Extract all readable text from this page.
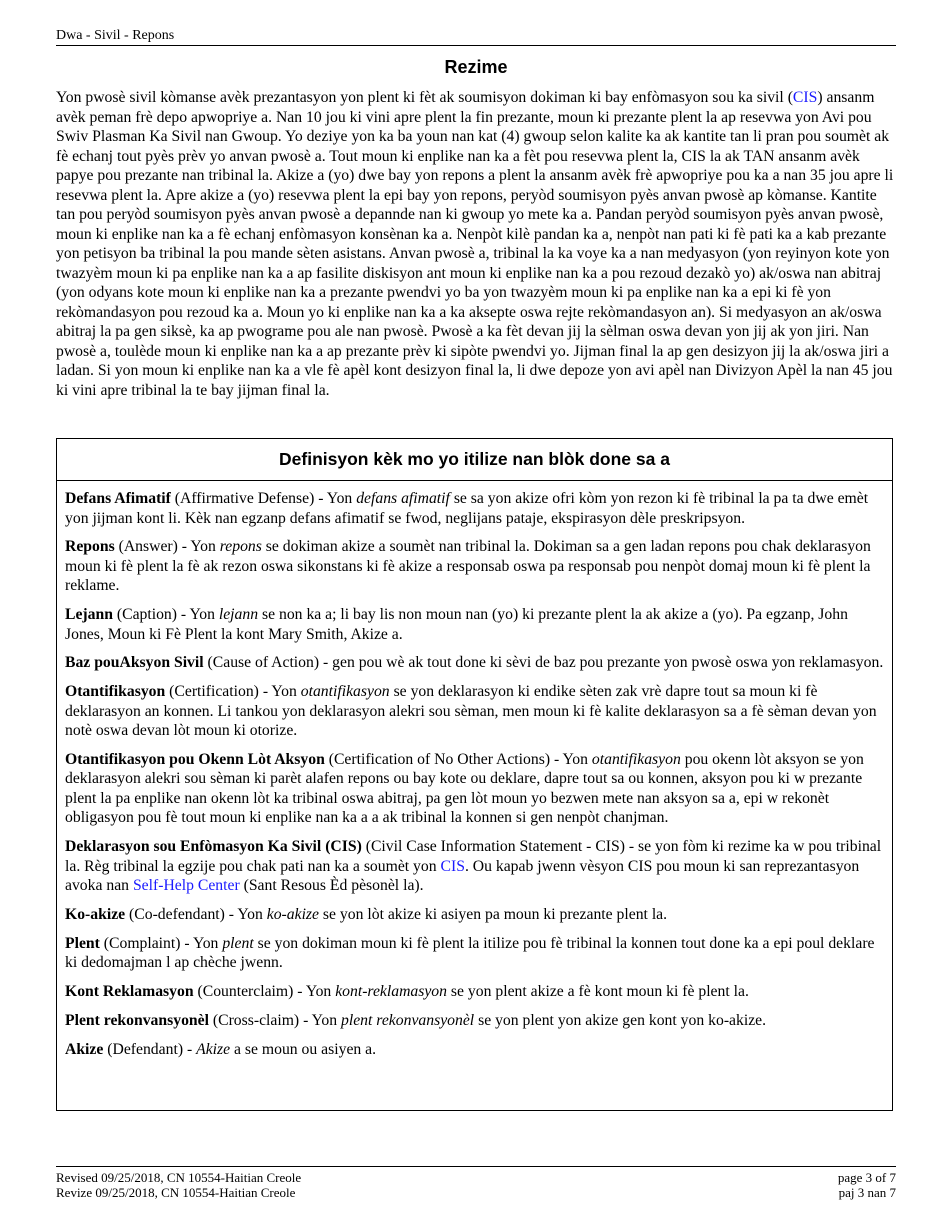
Dwa - Sivil - Repons
Rezime

Yon pwosè sivil kòmanse avèk prezantasyon yon plent ki fèt ak soumisyon dokiman ki bay enfòmasyon sou ka sivil (CIS) ansanm avèk peman frè depo apwopriye a. Nan 10 jou ki vini apre plent la fin prezante, moun ki prezante plent la ap resevwa yon Avi pou Swiv Plasman Ka Sivil nan Gwoup. Yo deziye yon ka ba youn nan kat (4) gwoup selon kalite ka ak kantite tan li pran pou soumèt ak fè echanj tout pyès prèv yo anvan pwosè a. Tout moun ki enplike nan ka a fèt pou resevwa plent la, CIS la ak TAN ansanm avèk papye pou prezante nan tribinal la. Akize a (yo) dwe bay yon repons a plent la ansanm avèk frè apwopriye pou ka a nan 35 jou apre li resevwa plent la. Apre akize a (yo) resevwa plent la epi bay yon repons, peryòd soumisyon pyès anvan pwosè ap kòmanse. Kantite tan pou peryòd soumisyon pyès anvan pwosè a depannde nan ki gwoup yo mete ka a. Pandan peryòd soumisyon pyès anvan pwosè, moun ki enplike nan ka a fè echanj enfòmasyon konsènan ka a. Nenpòt kilè pandan ka a, nenpòt nan pati ki fè pati ka a kab prezante yon petisyon ba tribinal la pou mande sèten asistans. Anvan pwosè a, tribinal la ka voye ka a nan medyasyon (yon reyinyon kote yon twazyèm moun ki pa enplike nan ka a ap fasilite diskisyon ant moun ki enplike nan ka a pou rezoud dezakò yo) ak/oswa nan abitraj (yon odyans kote moun ki enplike nan ka a prezante pwendvi yo ba yon twazyèm moun ki pa enplike nan ka a epi ki fè yon rekòmandasyon pou rezoud ka a. Moun yo ki enplike nan ka a ka aksepte oswa rejte rekòmandasyon an). Si medyasyon an ak/oswa abitraj la pa gen siksè, ka ap pwograme pou ale nan pwosè. Pwosè a ka fèt devan jij la sèlman oswa devan yon jij ak yon jiri. Nan pwosè a, toulède moun ki enplike nan ka a ap prezante prèv ki sipòte pwendvi yo. Jijman final la ap gen desizyon jij la ak/oswa jiri a ladan. Si yon moun ki enplike nan ka a vle fè apèl kont desizyon final la, li dwe depoze yon avi apèl nan Divizyon Apèl la nan 45 jou ki vini apre tribinal la te bay jijman final la.

Definisyon kèk mo yo itilize nan blòk done sa a

Defans Afimatif (Affirmative Defense) - Yon defans afimatif se sa yon akize ofri kòm yon rezon ki fè tribinal la pa ta dwe emèt yon jijman kont li. Kèk nan egzanp defans afimatif se fwod, neglijans pataje, ekspirasyon dèle preskripsyon.

Repons (Answer) - Yon repons se dokiman akize a soumèt nan tribinal la. Dokiman sa a gen ladan repons pou chak deklarasyon moun ki fè plent la fè ak rezon oswa sikonstans ki fè akize a responsab oswa pa responsab pou nenpòt domaj moun ki fè plent la reklame.

Lejann (Caption) - Yon lejann se non ka a; li bay lis non moun nan (yo) ki prezante plent la ak akize a (yo). Pa egzanp, John Jones, Moun ki Fè Plent la kont Mary Smith, Akize a.

Baz pouAksyon Sivil (Cause of Action) - gen pou wè ak tout done ki sèvi de baz pou prezante yon pwosè oswa yon reklamasyon.

Otantifikasyon (Certification) - Yon otantifikasyon se yon deklarasyon ki endike sèten zak vrè dapre tout sa moun ki fè deklarasyon an konnen. Li tankou yon deklarasyon alekri sou sèman, men moun ki fè kalite deklarasyon sa a fè sèman devan yon notè oswa devan lòt moun ki otorize.

Otantifikasyon pou Okenn Lòt Aksyon (Certification of No Other Actions) - Yon otantifikasyon pou okenn lòt aksyon se yon deklarasyon alekri sou sèman ki parèt alafen repons ou bay kote ou deklare, dapre tout sa ou konnen, aksyon pou ki w prezante plent la pa enplike nan okenn lòt ka tribinal oswa abitraj, pa gen lòt moun yo bezwen mete nan aksyon sa a, epi w rekonèt obligasyon pou fè tout moun ki enplike nan ka a a ak tribinal la konnen si gen nenpòt chanjman.

Deklarasyon sou Enfòmasyon Ka Sivil (CIS) (Civil Case Information Statement - CIS) - se yon fòm ki rezime ka w pou tribinal la. Règ tribinal la egzije pou chak pati nan ka a soumèt yon CIS. Ou kapab jwenn vèsyon CIS pou moun ki san reprezantasyon avoka nan Self-Help Center (Sant Resous Èd pèsonèl la).

Ko-akize (Co-defendant) - Yon ko-akize se yon lòt akize ki asiyen pa moun ki prezante plent la.

Plent (Complaint) - Yon plent se yon dokiman moun ki fè plent la itilize pou fè tribinal la konnen tout done ka a epi poul deklare ki dedomajman l ap chèche jwenn.

Kont Reklamasyon (Counterclaim) - Yon kont-reklamasyon se yon plent akize a fè kont moun ki fè plent la.

Plent rekonvansyonèl (Cross-claim) - Yon plent rekonvansyonèl se yon plent yon akize gen kont yon ko-akize.

Akize (Defendant) - Akize a se moun ou asiyen a.

Revised 09/25/2018, CN 10554-Haitian Creole	page 3 of 7
Revize 09/25/2018, CN 10554-Haitian Creole	paj 3 nan 7
